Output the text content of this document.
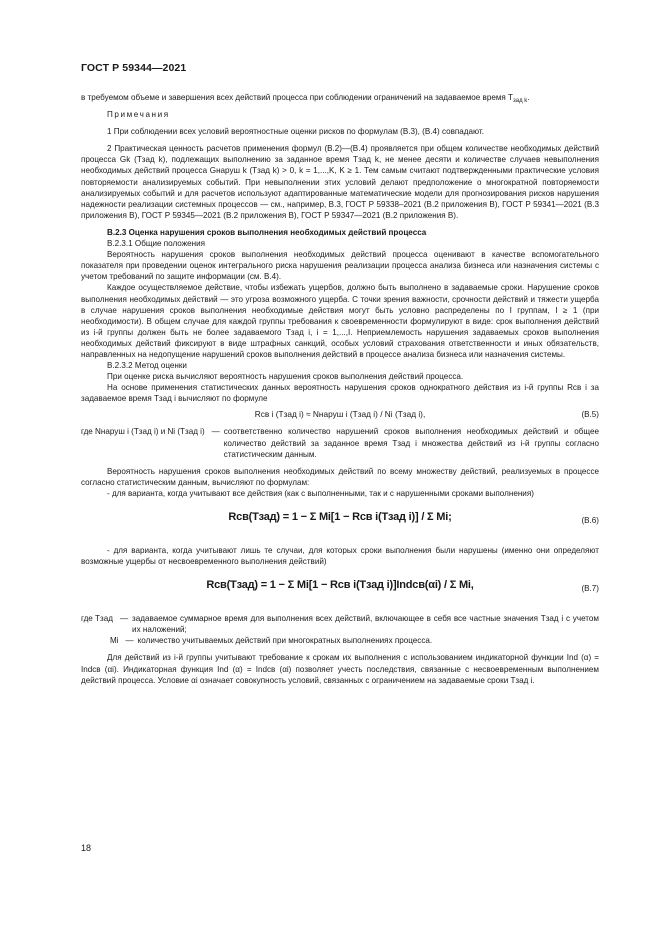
ГОСТ Р 59344—2021

в требуемом объеме и завершения всех действий процесса при соблюдении ограничений на задаваемое время $T_{зад k}$.

Примечания

1 При соблюдении всех условий вероятностные оценки рисков по формулам (B.3), (B.4) совпадают.

2 Практическая ценность расчетов применения формул (B.2)—(B.4) проявляется при общем количестве необходимых действий процесса Gk (Tзад k), подлежащих выполнению за заданное время Tзад k, не менее десяти и количестве случаев невыполнения необходимых действий процесса Gнаруш k (Tзад k) > 0, k = 1,...,K, K ≥ 1. Тем самым считают подтвержденными практические условия повторяемости анализируемых событий. При невыполнении этих условий делают предположение о многократной повторяемости анализируемых событий и для расчетов используют адаптированные математические модели для прогнозирования рисков нарушения надежности реализации системных процессов — см., например, B.3, ГОСТ Р 59338–2021 (B.2 приложения B), ГОСТ Р 59341—2021 (B.3 приложения B), ГОСТ Р 59345—2021 (B.2 приложения B), ГОСТ Р 59347—2021 (B.2 приложения B).

B.2.3 Оценка нарушения сроков выполнения необходимых действий процесса

B.2.3.1 Общие положения

Вероятность нарушения сроков выполнения необходимых действий процесса оценивают в качестве вспомогательного показателя при проведении оценок интегрального риска нарушения реализации процесса анализа бизнеса или назначения системы с учетом требований по защите информации (см. B.4).

Каждое осуществляемое действие, чтобы избежать ущербов, должно быть выполнено в задаваемые сроки. Нарушение сроков выполнения необходимых действий — это угроза возможного ущерба. С точки зрения важности, срочности действий и тяжести ущерба в случае нарушения сроков выполнения необходимые действия могут быть условно распределены по I группам, I ≥ 1 (при необходимости). В общем случае для каждой группы требования к своевременности формулируют в виде: срок выполнения действий из i-й группы должен быть не более задаваемого Tзад i, i = 1,...,I. Неприемлемость нарушения задаваемых сроков выполнения необходимых действий фиксируют в виде штрафных санкций, особых условий страхования ответственности и иных обязательств, направленных на недопущение нарушений сроков выполнения действий в процессе анализа бизнеса или назначения системы.

B.2.3.2 Метод оценки

При оценке риска вычисляют вероятность нарушения сроков выполнения действий процесса.

На основе применения статистических данных вероятность нарушения сроков однократного действия из i-й группы Rсв i за задаваемое время Tзад i вычисляют по формуле

Rсв i (Tзад i) ≈ Nнаруш i (Tзад i) / Ni (Tзад i),	(B.5)
где Nнаруш i (Tзад i) и Ni (Tзад i) — соответственно количество нарушений сроков выполнения необходимых действий и общее количество действий за заданное время Tзад i множества действий из i-й группы согласно статистическим данным.

Вероятность нарушения сроков выполнения необходимых действий по всему множеству действий, реализуемых в процессе согласно статистическим данным, вычисляют по формулам:

- для варианта, когда учитывают все действия (как с выполненными, так и с нарушенными сроками выполнения)

Rсв(Tзад) = 1 − Σ Mi[1 − Rсв i(Tзад i)] / Σ Mi;	(B.6)

- для варианта, когда учитывают лишь те случаи, для которых сроки выполнения были нарушены (именно они определяют возможные ущербы от несвоевременного выполнения действий)

Rсв(Tзад) = 1 − Σ Mi[1 − Rсв i(Tзад i)]Indсв(αi) / Σ Mi,	(B.7)
где Tзад — задаваемое суммарное время для выполнения всех действий, включающее в себя все частные значения Tзад i с учетом их наложений;
Mi — количество учитываемых действий при многократных выполнениях процесса.

Для действий из i-й группы учитывают требование к срокам их выполнения с использованием индикаторной функции Ind (α) = Indсв (αi). Индикаторная функция Ind (α) = Indсв (αi) позволяет учесть последствия, связанные с несвоевременным выполнением действий процесса. Условие αi означает совокупность условий, связанных с ограничением на задаваемые сроки Tзад i.

18
